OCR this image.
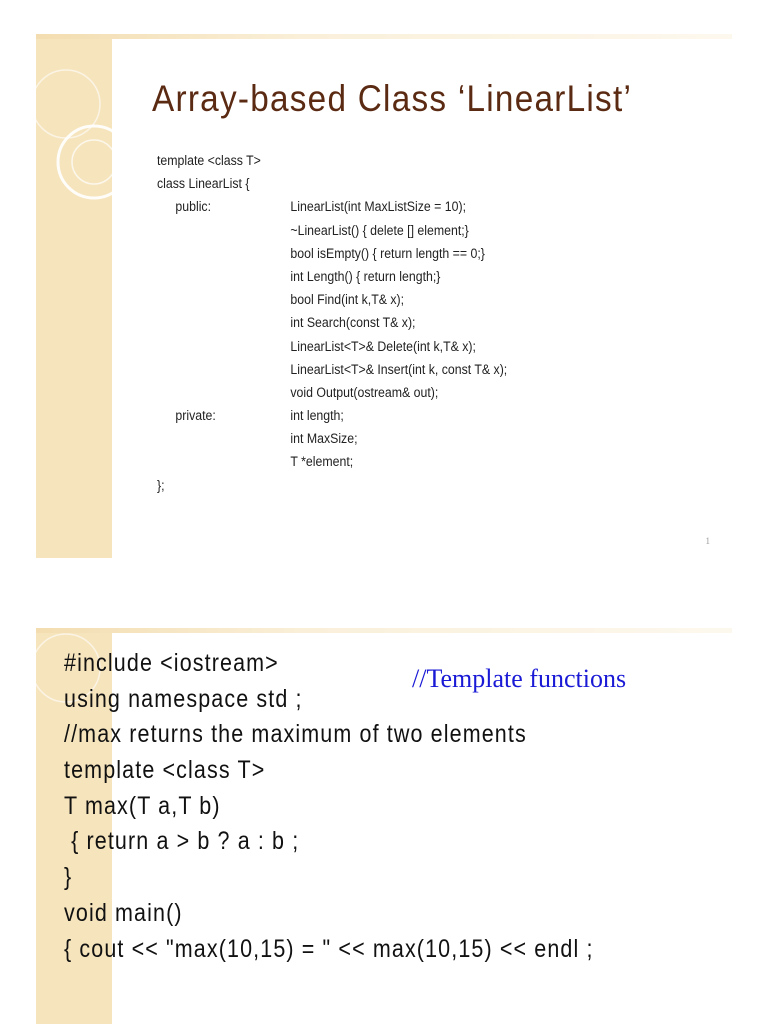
Array-based Class ‘LinearList’
template <class T>
class LinearList {
public:	LinearList(int MaxListSize = 10);
~LinearList() { delete [] element;}
bool isEmpty() { return length == 0;}
int Length() { return length;}
bool Find(int k,T& x);
int Search(const T& x);
LinearList<T>& Delete(int k,T& x);
LinearList<T>& Insert(int k, const T& x);
void Output(ostream& out);
private:	int length;
int MaxSize;
T *element;
};
1
#include <iostream>
using namespace std ;
//max returns the maximum of two elements
template <class T>
T max(T a,T b)
{ return a > b ? a : b ;
}
void main()
{ cout << "max(10,15) = " << max(10,15) << endl ;
//Template functions
